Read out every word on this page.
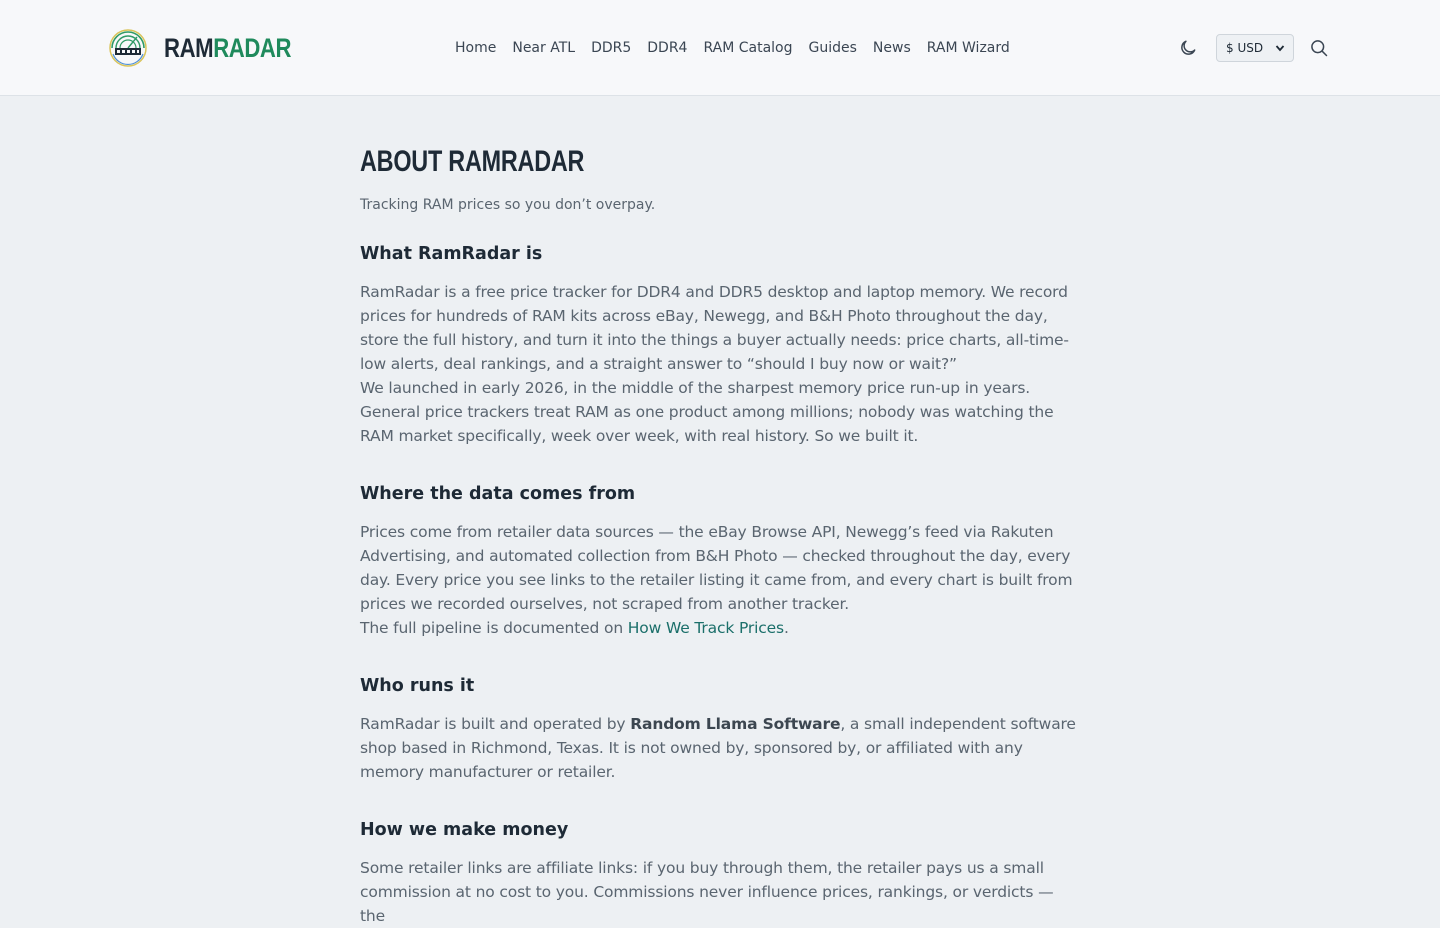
RAMRADAR	Home Near ATL DDR5 DDR4 RAM Catalog Guides News RAM Wizard	$ USD
ABOUT RAMRADAR
Tracking RAM prices so you don’t overpay.
What RamRadar is

RamRadar is a free price tracker for DDR4 and DDR5 desktop and laptop memory. We record prices for hundreds of RAM kits across eBay, Newegg, and B&H Photo throughout the day, store the full history, and turn it into the things a buyer actually needs: price charts, all-time-low alerts, deal rankings, and a straight answer to “should I buy now or wait?”

We launched in early 2026, in the middle of the sharpest memory price run-up in years. General price trackers treat RAM as one product among millions; nobody was watching the RAM market specifically, week over week, with real history. So we built it.

Where the data comes from

Prices come from retailer data sources — the eBay Browse API, Newegg’s feed via Rakuten Advertising, and automated collection from B&H Photo — checked throughout the day, every day. Every price you see links to the retailer listing it came from, and every chart is built from prices we recorded ourselves, not scraped from another tracker.

The full pipeline is documented on How We Track Prices.

Who runs it

RamRadar is built and operated by Random Llama Software, a small independent software shop based in Richmond, Texas. It is not owned by, sponsored by, or affiliated with any memory manufacturer or retailer.

How we make money

Some retailer links are affiliate links: if you buy through them, the retailer pays us a small commission at no cost to you. Commissions never influence prices, rankings, or verdicts — the
